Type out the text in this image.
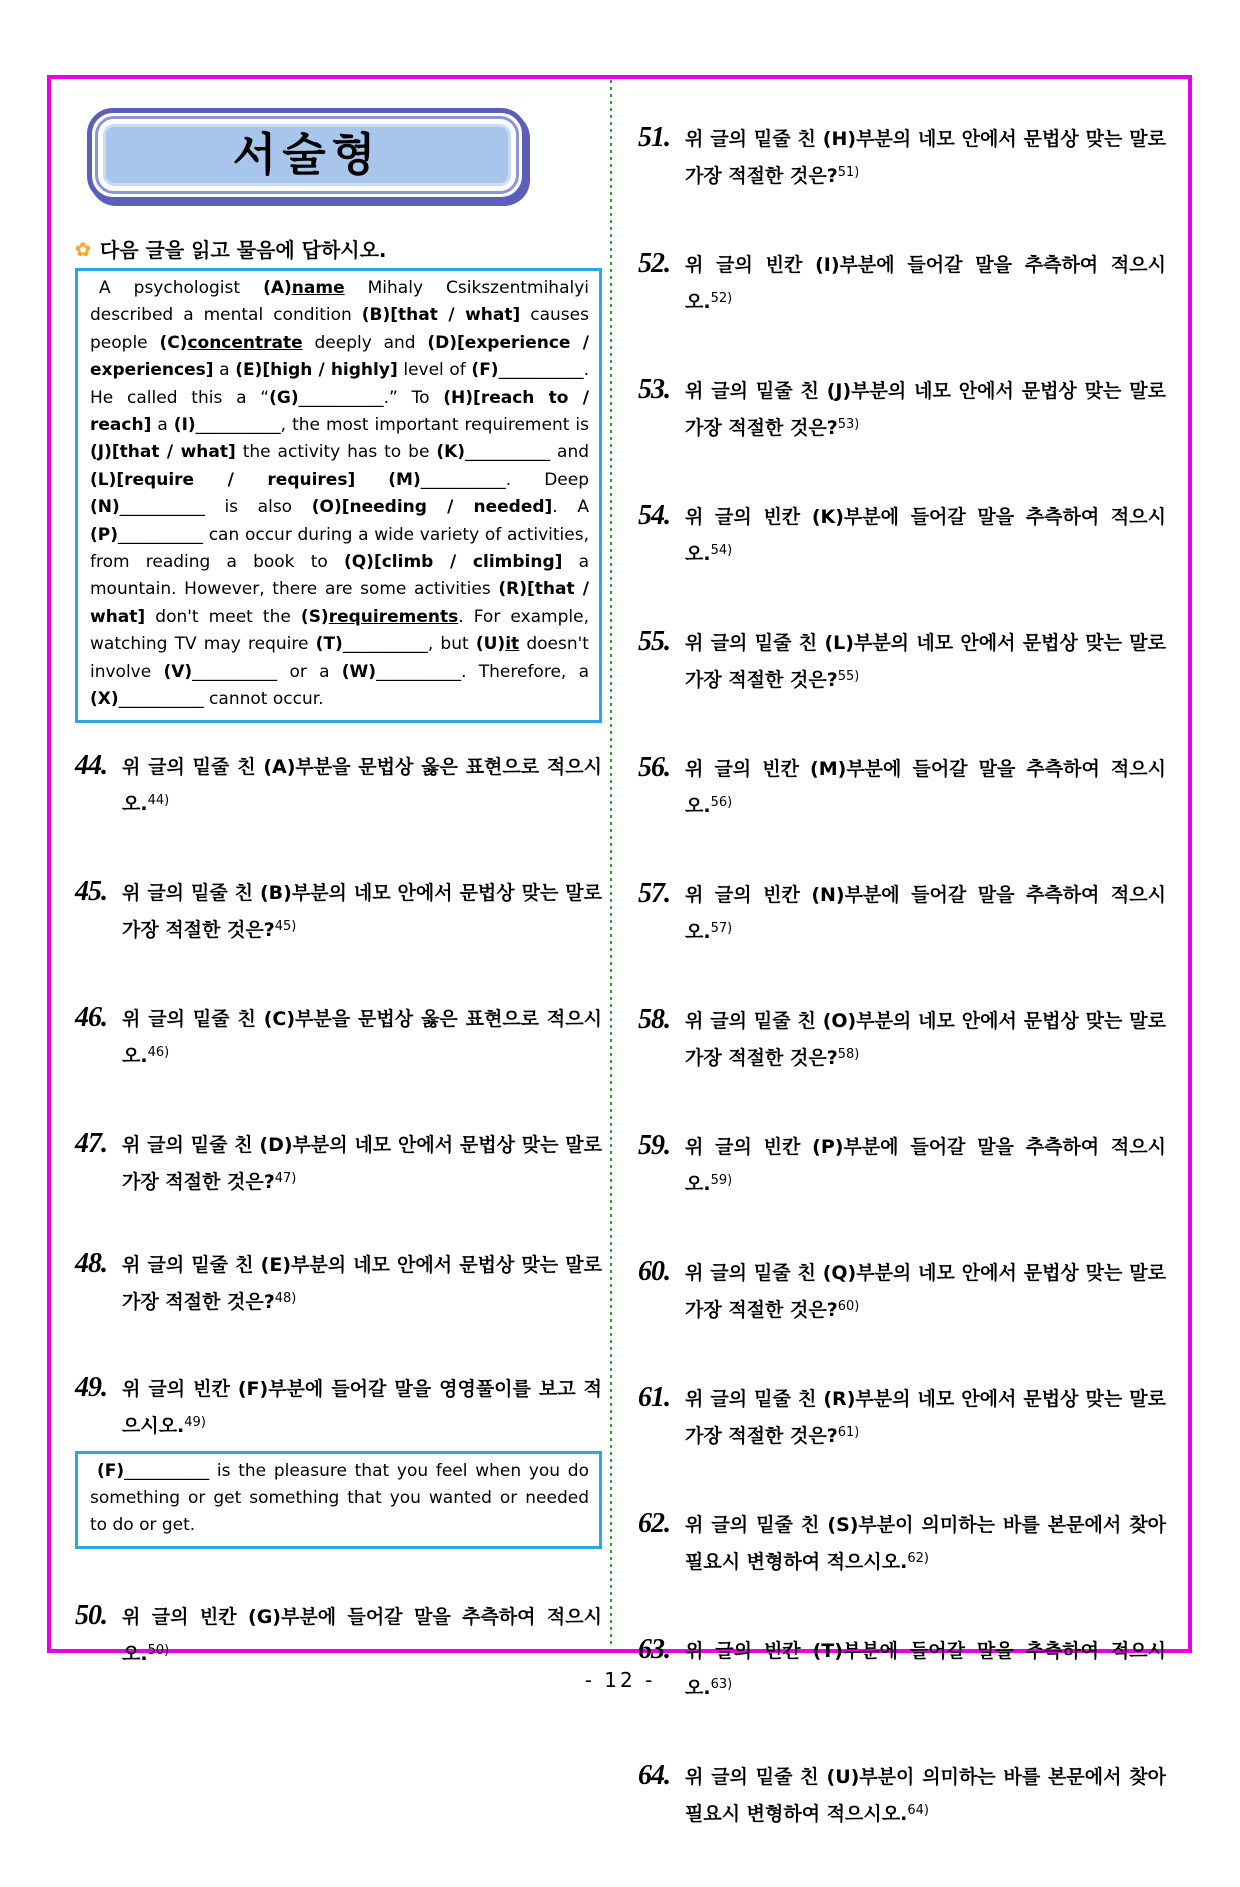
서술형
✿ 다음 글을 읽고 물음에 답하시오.

A psychologist (A)name Mihaly Csikszentmihalyi described a mental condition (B)[that / what] causes people (C)concentrate deeply and (D)[experience / experiences] a (E)[high / highly] level of (F)__________. He called this a “(G)__________.” To (H)[reach to / reach] a (I)__________, the most important requirement is (J)[that / what] the activity has to be (K)__________ and (L)[require / requires] (M)__________. Deep (N)__________ is also (O)[needing / needed]. A (P)__________ can occur during a wide variety of activities, from reading a book to (Q)[climb / climbing] a mountain. However, there are some activities (R)[that / what] don't meet the (S)requirements. For example, watching TV may require (T)__________, but (U)it doesn't involve (V)__________ or a (W)__________. Therefore, a (X)__________ cannot occur.

44. 위 글의 밑줄 친 (A)부분을 문법상 옳은 표현으로 적으시오.$^{44)}$
45. 위 글의 밑줄 친 (B)부분의 네모 안에서 문법상 맞는 말로 가장 적절한 것은?$^{45)}$
46. 위 글의 밑줄 친 (C)부분을 문법상 옳은 표현으로 적으시오.$^{46)}$
47. 위 글의 밑줄 친 (D)부분의 네모 안에서 문법상 맞는 말로 가장 적절한 것은?$^{47)}$
48. 위 글의 밑줄 친 (E)부분의 네모 안에서 문법상 맞는 말로 가장 적절한 것은?$^{48)}$
49. 위 글의 빈칸 (F)부분에 들어갈 말을 영영풀이를 보고 적으시오.$^{49)}$

(F)__________ is the pleasure that you feel when you do something or get something that you wanted or needed to do or get.

50. 위 글의 빈칸 (G)부분에 들어갈 말을 추측하여 적으시오.$^{50)}$
51. 위 글의 밑줄 친 (H)부분의 네모 안에서 문법상 맞는 말로 가장 적절한 것은?$^{51)}$
52. 위 글의 빈칸 (I)부분에 들어갈 말을 추측하여 적으시오.$^{52)}$
53. 위 글의 밑줄 친 (J)부분의 네모 안에서 문법상 맞는 말로 가장 적절한 것은?$^{53)}$
54. 위 글의 빈칸 (K)부분에 들어갈 말을 추측하여 적으시오.$^{54)}$
55. 위 글의 밑줄 친 (L)부분의 네모 안에서 문법상 맞는 말로 가장 적절한 것은?$^{55)}$
56. 위 글의 빈칸 (M)부분에 들어갈 말을 추측하여 적으시오.$^{56)}$
57. 위 글의 빈칸 (N)부분에 들어갈 말을 추측하여 적으시오.$^{57)}$
58. 위 글의 밑줄 친 (O)부분의 네모 안에서 문법상 맞는 말로 가장 적절한 것은?$^{58)}$
59. 위 글의 빈칸 (P)부분에 들어갈 말을 추측하여 적으시오.$^{59)}$
60. 위 글의 밑줄 친 (Q)부분의 네모 안에서 문법상 맞는 말로 가장 적절한 것은?$^{60)}$
61. 위 글의 밑줄 친 (R)부분의 네모 안에서 문법상 맞는 말로 가장 적절한 것은?$^{61)}$
62. 위 글의 밑줄 친 (S)부분이 의미하는 바를 본문에서 찾아 필요시 변형하여 적으시오.$^{62)}$
63. 위 글의 빈칸 (T)부분에 들어갈 말을 추측하여 적으시오.$^{63)}$
64. 위 글의 밑줄 친 (U)부분이 의미하는 바를 본문에서 찾아 필요시 변형하여 적으시오.$^{64)}$
- 12 -
